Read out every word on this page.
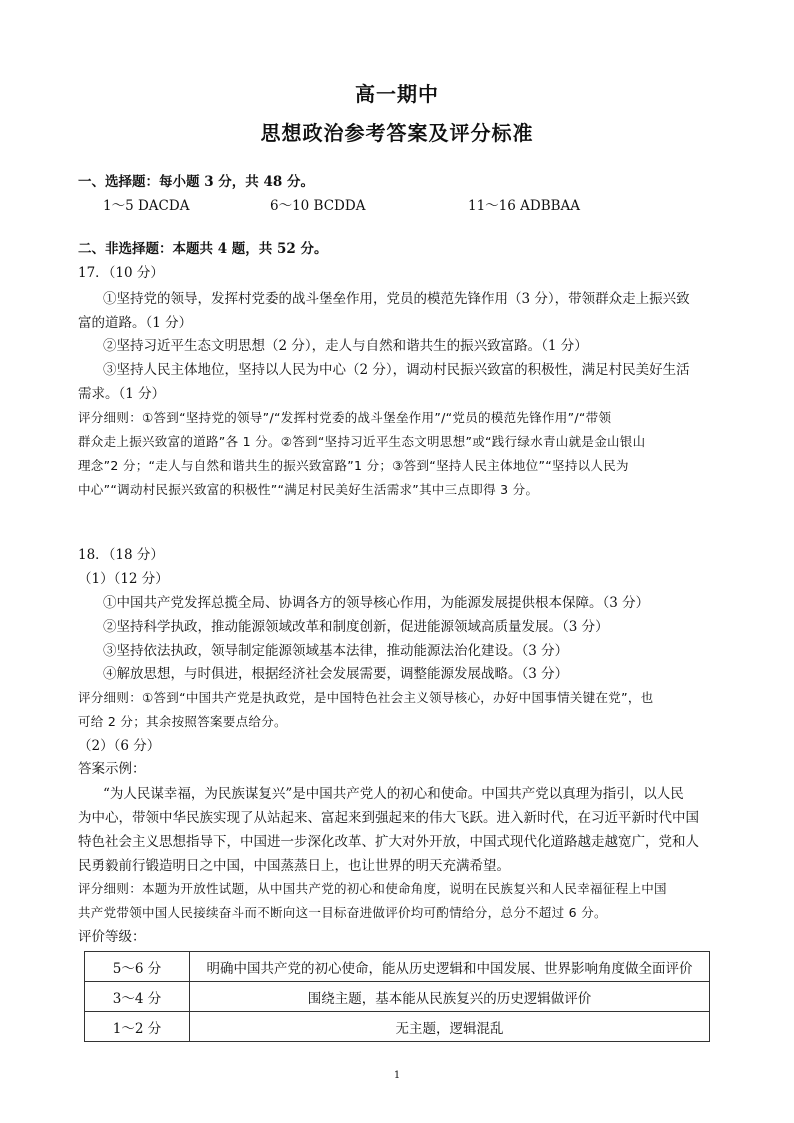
高一期中
思想政治参考答案及评分标准
一、选择题：每小题 3 分，共 48 分。
1～5 DACDA	6～10 BCDDA	11～16 ADBBAA
二、非选择题：本题共 4 题，共 52 分。
17．（10 分）
①坚持党的领导，发挥村党委的战斗堡垒作用，党员的模范先锋作用（3 分），带领群众走上振兴致
富的道路。（1 分）
②坚持习近平生态文明思想（2 分），走人与自然和谐共生的振兴致富路。（1 分）
③坚持人民主体地位，坚持以人民为中心（2 分），调动村民振兴致富的积极性，满足村民美好生活
需求。（1 分）
评分细则：①答到“坚持党的领导”/“发挥村党委的战斗堡垒作用”/“党员的模范先锋作用”/“带领
群众走上振兴致富的道路”各 1 分。②答到“坚持习近平生态文明思想”或“践行绿水青山就是金山银山
理念”2 分；“走人与自然和谐共生的振兴致富路”1 分；③答到“坚持人民主体地位”“坚持以人民为
中心”“调动村民振兴致富的积极性”“满足村民美好生活需求”其中三点即得 3 分。
18．（18 分）
（1）（12 分）
①中国共产党发挥总揽全局、协调各方的领导核心作用，为能源发展提供根本保障。（3 分）
②坚持科学执政，推动能源领域改革和制度创新，促进能源领域高质量发展。（3 分）
③坚持依法执政，领导制定能源领域基本法律，推动能源法治化建设。（3 分）
④解放思想，与时俱进，根据经济社会发展需要，调整能源发展战略。（3 分）
评分细则：①答到“中国共产党是执政党，是中国特色社会主义领导核心，办好中国事情关键在党”，也
可给 2 分；其余按照答案要点给分。
（2）（6 分）
答案示例：
“为人民谋幸福，为民族谋复兴”是中国共产党人的初心和使命。中国共产党以真理为指引，以人民
为中心，带领中华民族实现了从站起来、富起来到强起来的伟大飞跃。进入新时代，在习近平新时代中国
特色社会主义思想指导下，中国进一步深化改革、扩大对外开放，中国式现代化道路越走越宽广，党和人
民勇毅前行锻造明日之中国，中国蒸蒸日上，也让世界的明天充满希望。
评分细则：本题为开放性试题，从中国共产党的初心和使命角度，说明在民族复兴和人民幸福征程上中国
共产党带领中国人民接续奋斗而不断向这一目标奋进做评价均可酌情给分，总分不超过 6 分。
评价等级：
5～6 分	明确中国共产党的初心使命，能从历史逻辑和中国发展、世界影响角度做全面评价
3～4 分	围绕主题，基本能从民族复兴的历史逻辑做评价
1～2 分	无主题，逻辑混乱
1
